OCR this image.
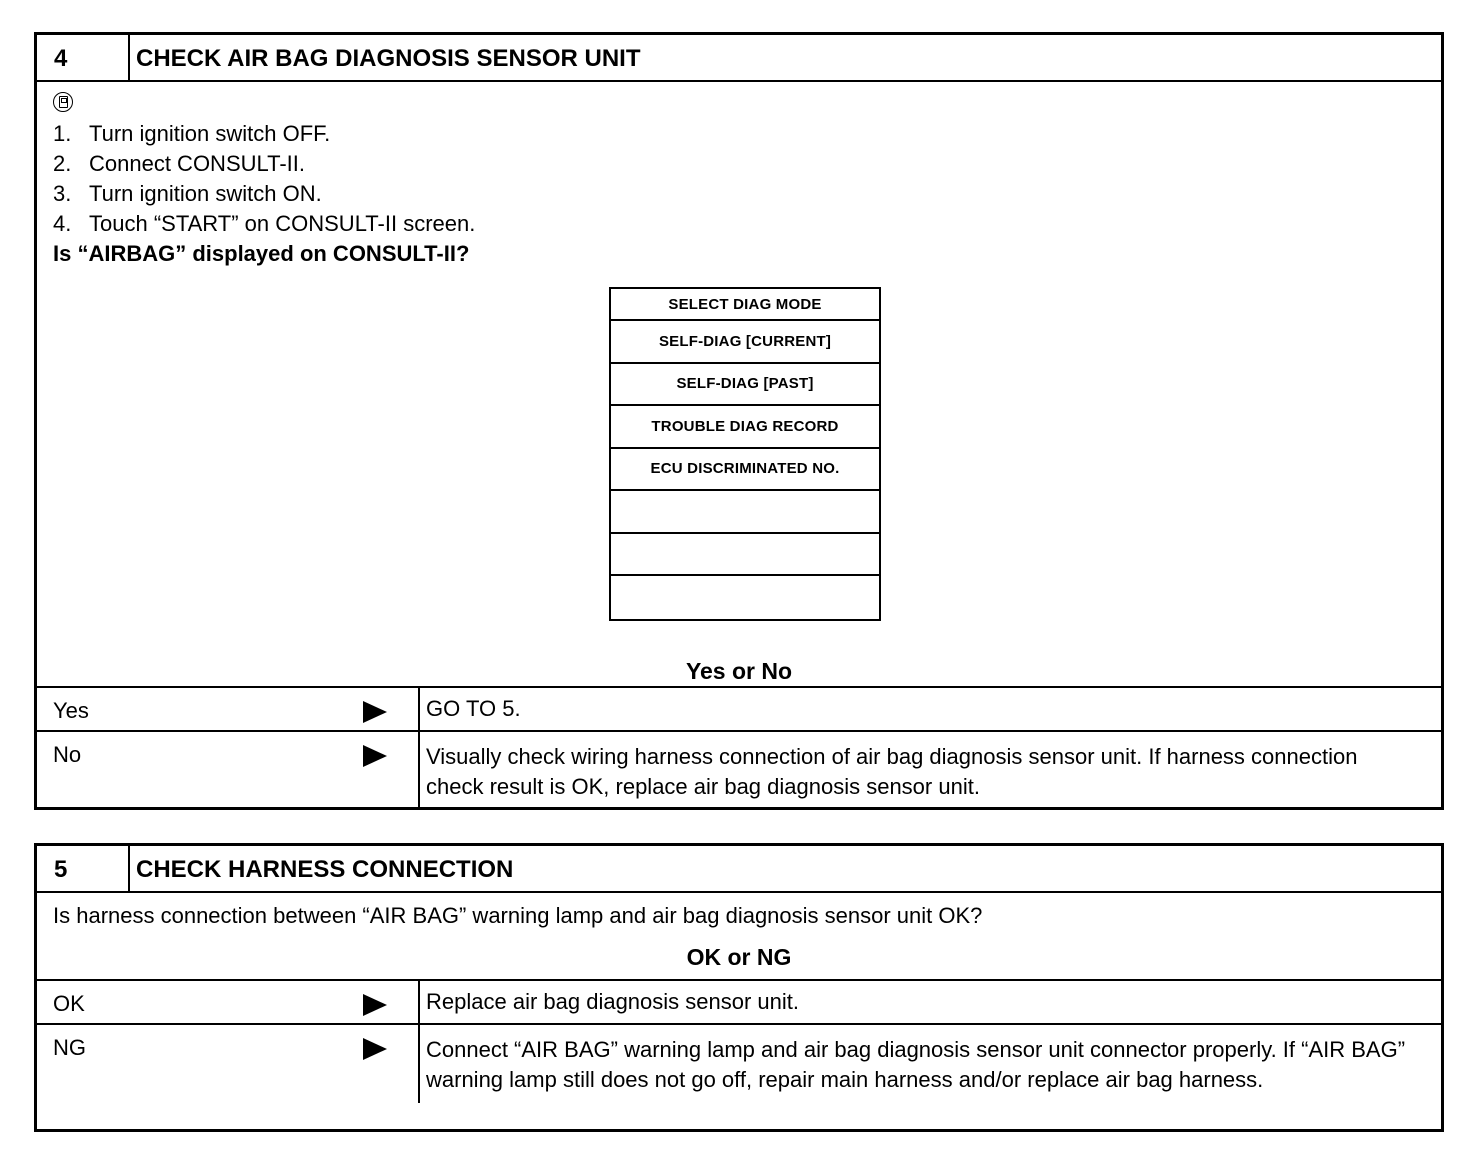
4	CHECK AIR BAG DIAGNOSIS SENSOR UNIT
1. Turn ignition switch OFF.
2. Connect CONSULT-II.
3. Turn ignition switch ON.
4. Touch “START” on CONSULT-II screen.
Is “AIRBAG” displayed on CONSULT-II?
SELECT DIAG MODE
SELF-DIAG [CURRENT]
SELF-DIAG [PAST]
TROUBLE DIAG RECORD
ECU DISCRIMINATED NO.
Yes or No
Yes	GO TO 5.
No	Visually check wiring harness connection of air bag diagnosis sensor unit. If harness connection check result is OK, replace air bag diagnosis sensor unit.
5	CHECK HARNESS CONNECTION
Is harness connection between “AIR BAG” warning lamp and air bag diagnosis sensor unit OK?
OK or NG
OK	Replace air bag diagnosis sensor unit.
NG	Connect “AIR BAG” warning lamp and air bag diagnosis sensor unit connector properly. If “AIR BAG” warning lamp still does not go off, repair main harness and/or replace air bag harness.
